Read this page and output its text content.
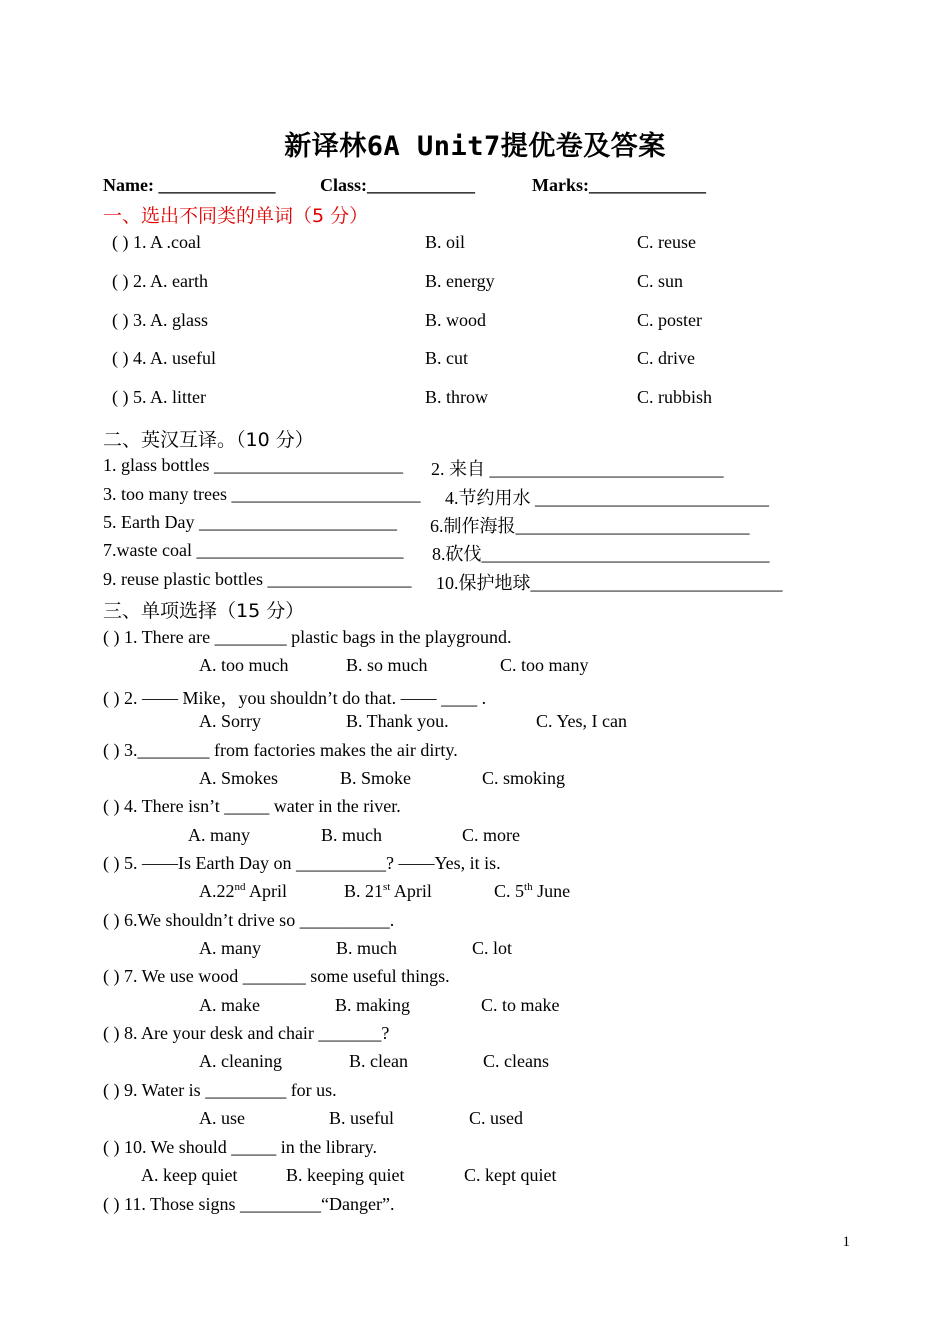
新译林6A Unit7提优卷及答案
Name: _____________ Class:____________	Marks:_____________
一、选出不同类的单词（5 分）
( ) 1. A .coal	B. oil	C. reuse
( ) 2. A. earth	B. energy	C. sun
( ) 3. A. glass	B. wood	C. poster
( ) 4. A. useful	B. cut	C. drive
( ) 5. A. litter	B. throw	C. rubbish
二、英汉互译。（10 分）
1. glass bottles _____________________ 2. 来自 __________________________
3. too many trees _____________________ 4.节约用水 __________________________
5. Earth Day ______________________ 6.制作海报__________________________
7.waste coal _______________________ 8.砍伐________________________________
9. reuse plastic bottles ________________ 10.保护地球____________________________
三、单项选择（15 分）
( ) 1. There are ________ plastic bags in the playground.
A. too much	B. so much	C. too many
( ) 2. —— Mike，you shouldn’t do that. —— ____ .
A. Sorry	B. Thank you.	C. Yes, I can
( ) 3.________ from factories makes the air dirty.
A. Smokes	B. Smoke	C. smoking
( ) 4. There isn’t _____ water in the river.
A. many	B. much	C. more
( ) 5. ——Is Earth Day on __________? ——Yes, it is.
A.22nd April	B. 21st April	C. 5th June
( ) 6.We shouldn’t drive so __________.
A. many	B. much	C. lot
( ) 7. We use wood _______ some useful things.
A. make	B. making	C. to make
( ) 8. Are your desk and chair _______?
A. cleaning	B. clean	C. cleans
( ) 9. Water is _________ for us.
A. use	B. useful	C. used
( ) 10. We should _____ in the library.
A. keep quiet	B. keeping quiet	C. kept quiet
( ) 11. Those signs _________“Danger”.
1
